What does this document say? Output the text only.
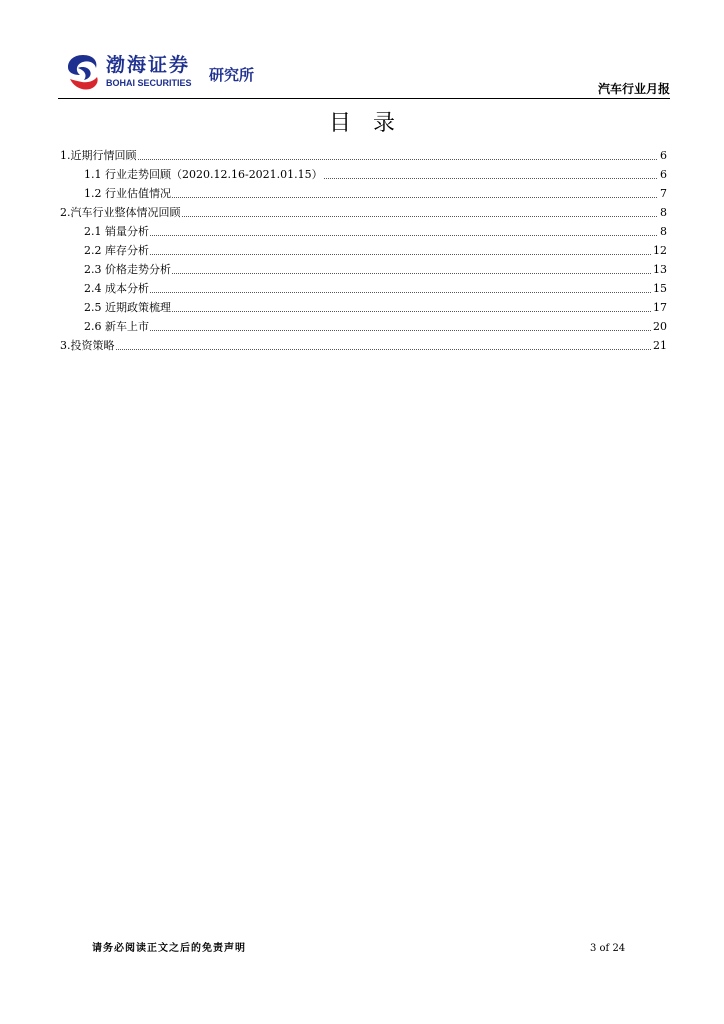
渤海证券
BOHAI SECURITIES 研究所
汽车行业月报
目录
1.近期行情回顾	6
1.1 行业走势回顾（2020.12.16-2021.01.15）	6
1.2 行业估值情况	7
2.汽车行业整体情况回顾	8
2.1 销量分析	8
2.2 库存分析	12
2.3 价格走势分析	13
2.4 成本分析	15
2.5 近期政策梳理	17
2.6 新车上市	20
3.投资策略	21
请务必阅读正文之后的免责声明	3 of 24
